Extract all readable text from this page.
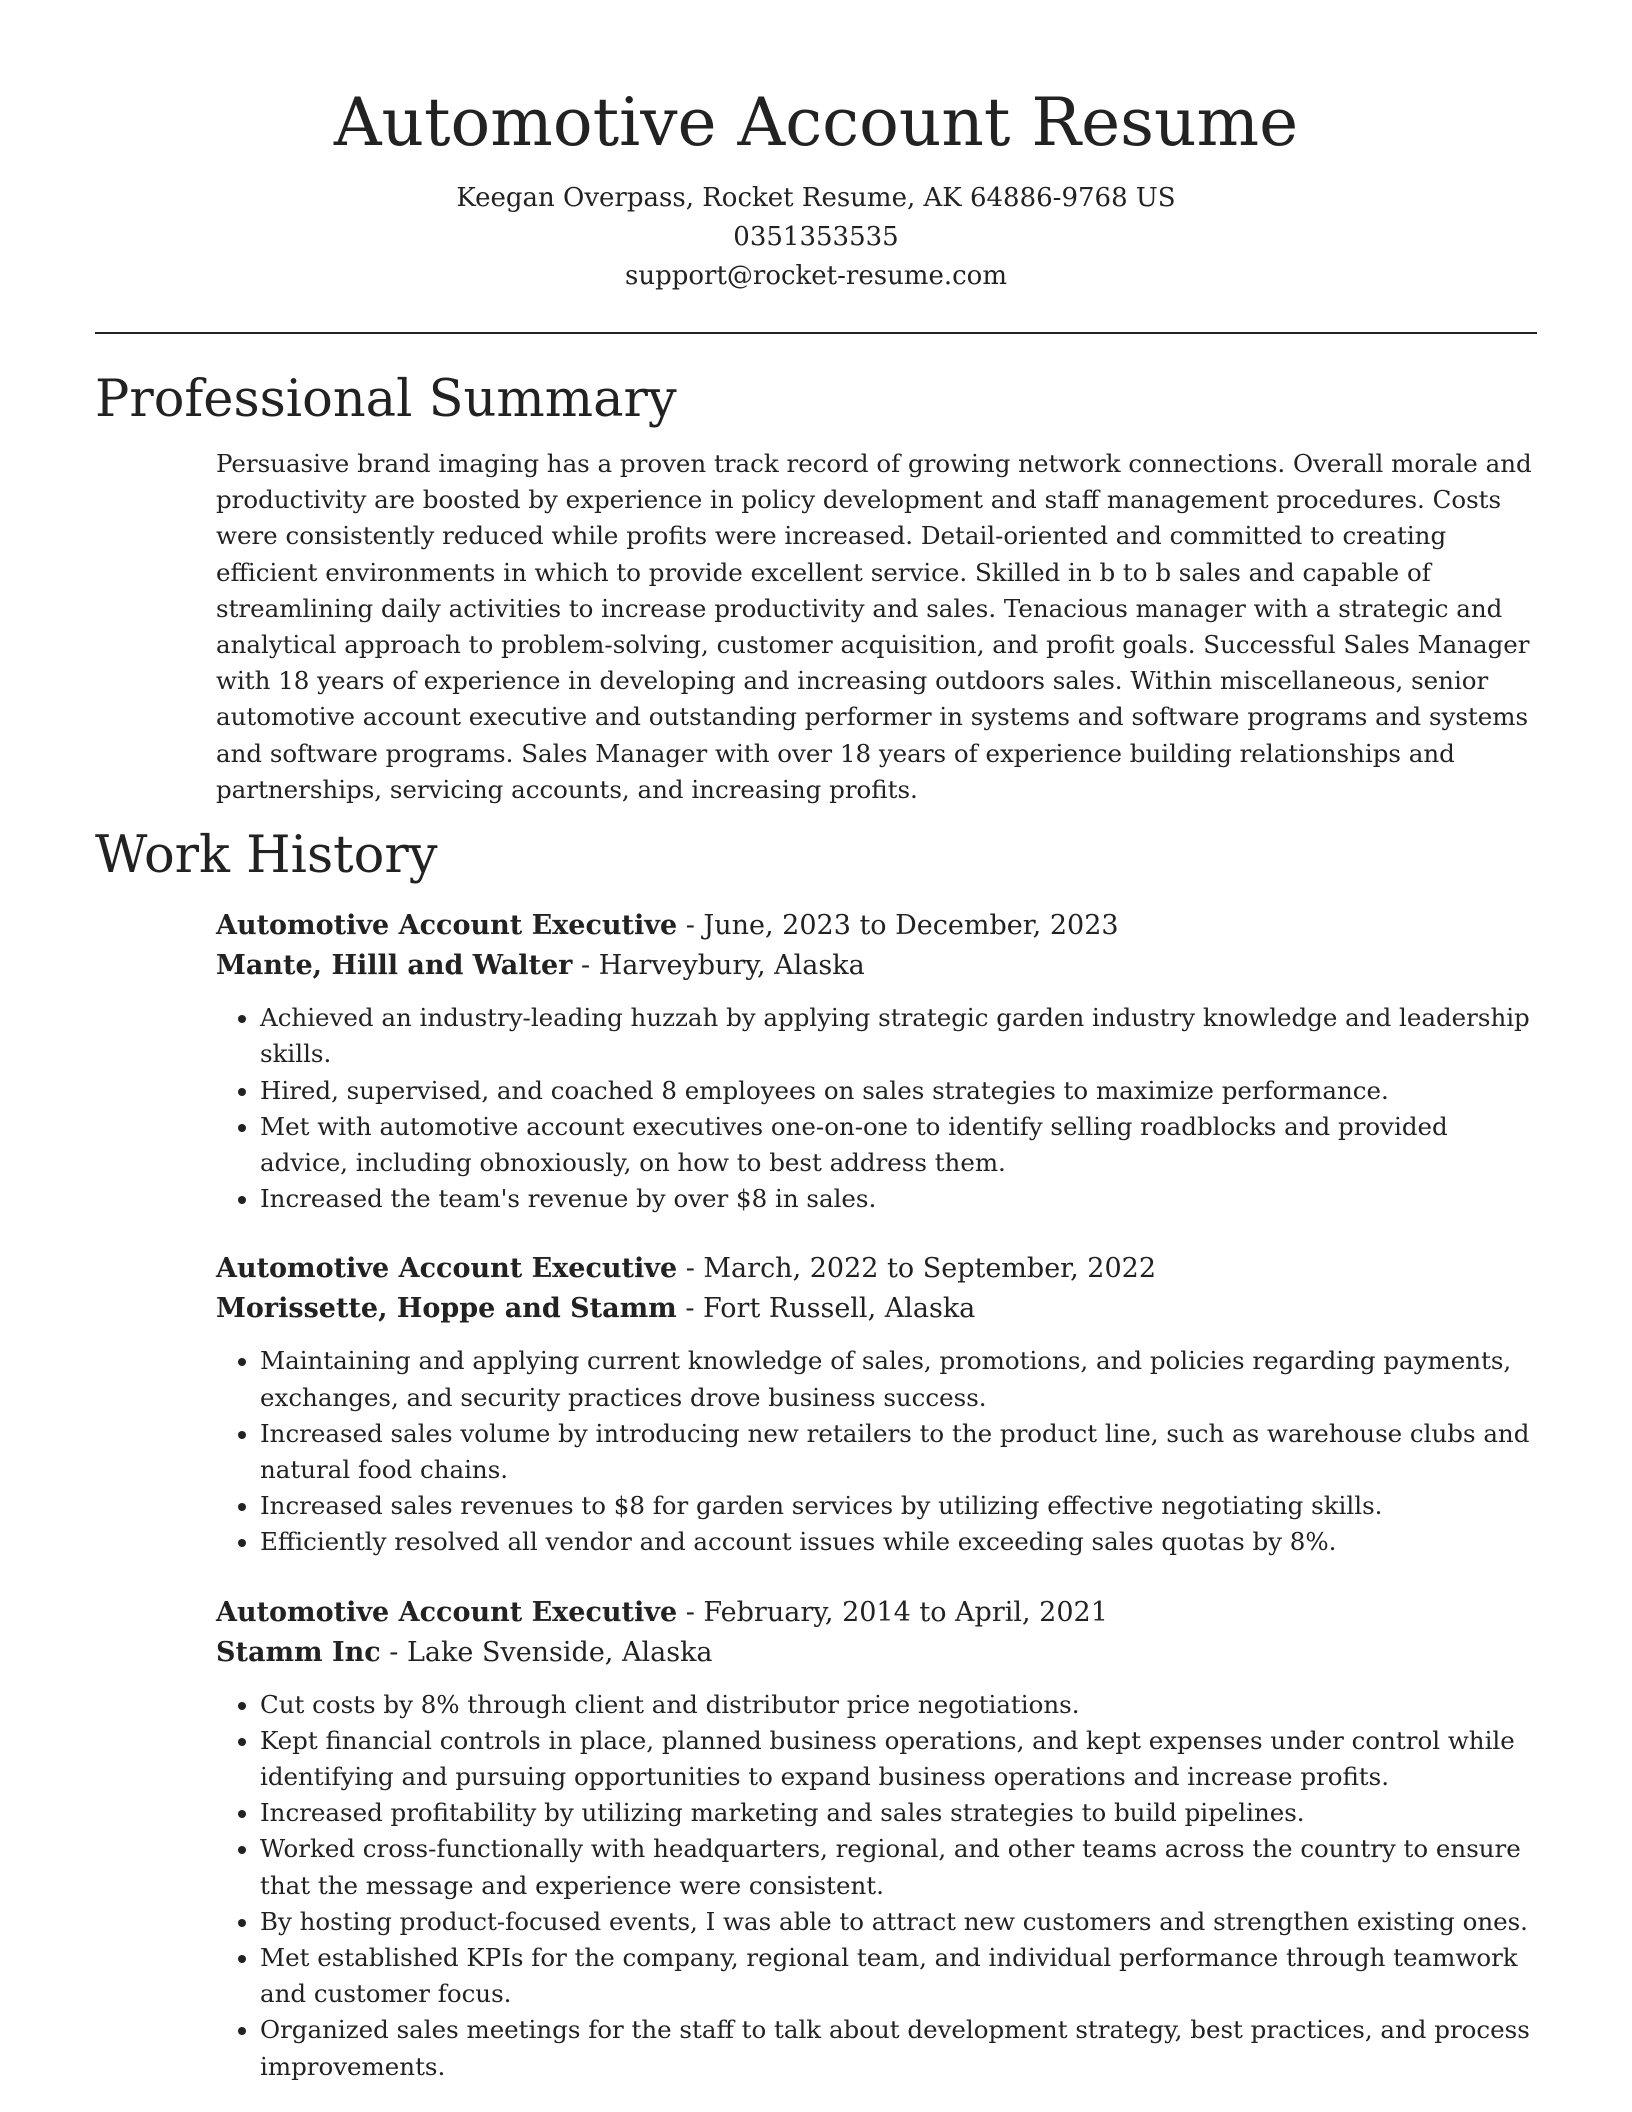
Automotive Account Resume
Keegan Overpass, Rocket Resume, AK 64886-9768 US
0351353535
support@rocket-resume.com
Professional Summary

Persuasive brand imaging has a proven track record of growing network connections. Overall morale and productivity are boosted by experience in policy development and staff management procedures. Costs were consistently reduced while profits were increased. Detail-oriented and committed to creating efficient environments in which to provide excellent service. Skilled in b to b sales and capable of streamlining daily activities to increase productivity and sales. Tenacious manager with a strategic and analytical approach to problem-solving, customer acquisition, and profit goals. Successful Sales Manager with 18 years of experience in developing and increasing outdoors sales. Within miscellaneous, senior automotive account executive and outstanding performer in systems and software programs and systems and software programs. Sales Manager with over 18 years of experience building relationships and partnerships, servicing accounts, and increasing profits.

Work History
Automotive Account Executive - June, 2023 to December, 2023
Mante, Hilll and Walter - Harveybury, Alaska
• Achieved an industry-leading huzzah by applying strategic garden industry knowledge and leadership skills.
• Hired, supervised, and coached 8 employees on sales strategies to maximize performance.
• Met with automotive account executives one-on-one to identify selling roadblocks and provided advice, including obnoxiously, on how to best address them.
• Increased the team's revenue by over $8 in sales.
Automotive Account Executive - March, 2022 to September, 2022
Morissette, Hoppe and Stamm - Fort Russell, Alaska
• Maintaining and applying current knowledge of sales, promotions, and policies regarding payments, exchanges, and security practices drove business success.
• Increased sales volume by introducing new retailers to the product line, such as warehouse clubs and natural food chains.
• Increased sales revenues to $8 for garden services by utilizing effective negotiating skills.
• Efficiently resolved all vendor and account issues while exceeding sales quotas by 8%.
Automotive Account Executive - February, 2014 to April, 2021
Stamm Inc - Lake Svenside, Alaska
• Cut costs by 8% through client and distributor price negotiations.
• Kept financial controls in place, planned business operations, and kept expenses under control while identifying and pursuing opportunities to expand business operations and increase profits.
• Increased profitability by utilizing marketing and sales strategies to build pipelines.
• Worked cross-functionally with headquarters, regional, and other teams across the country to ensure that the message and experience were consistent.
• By hosting product-focused events, I was able to attract new customers and strengthen existing ones.
• Met established KPIs for the company, regional team, and individual performance through teamwork and customer focus.
• Organized sales meetings for the staff to talk about development strategy, best practices, and process improvements.
